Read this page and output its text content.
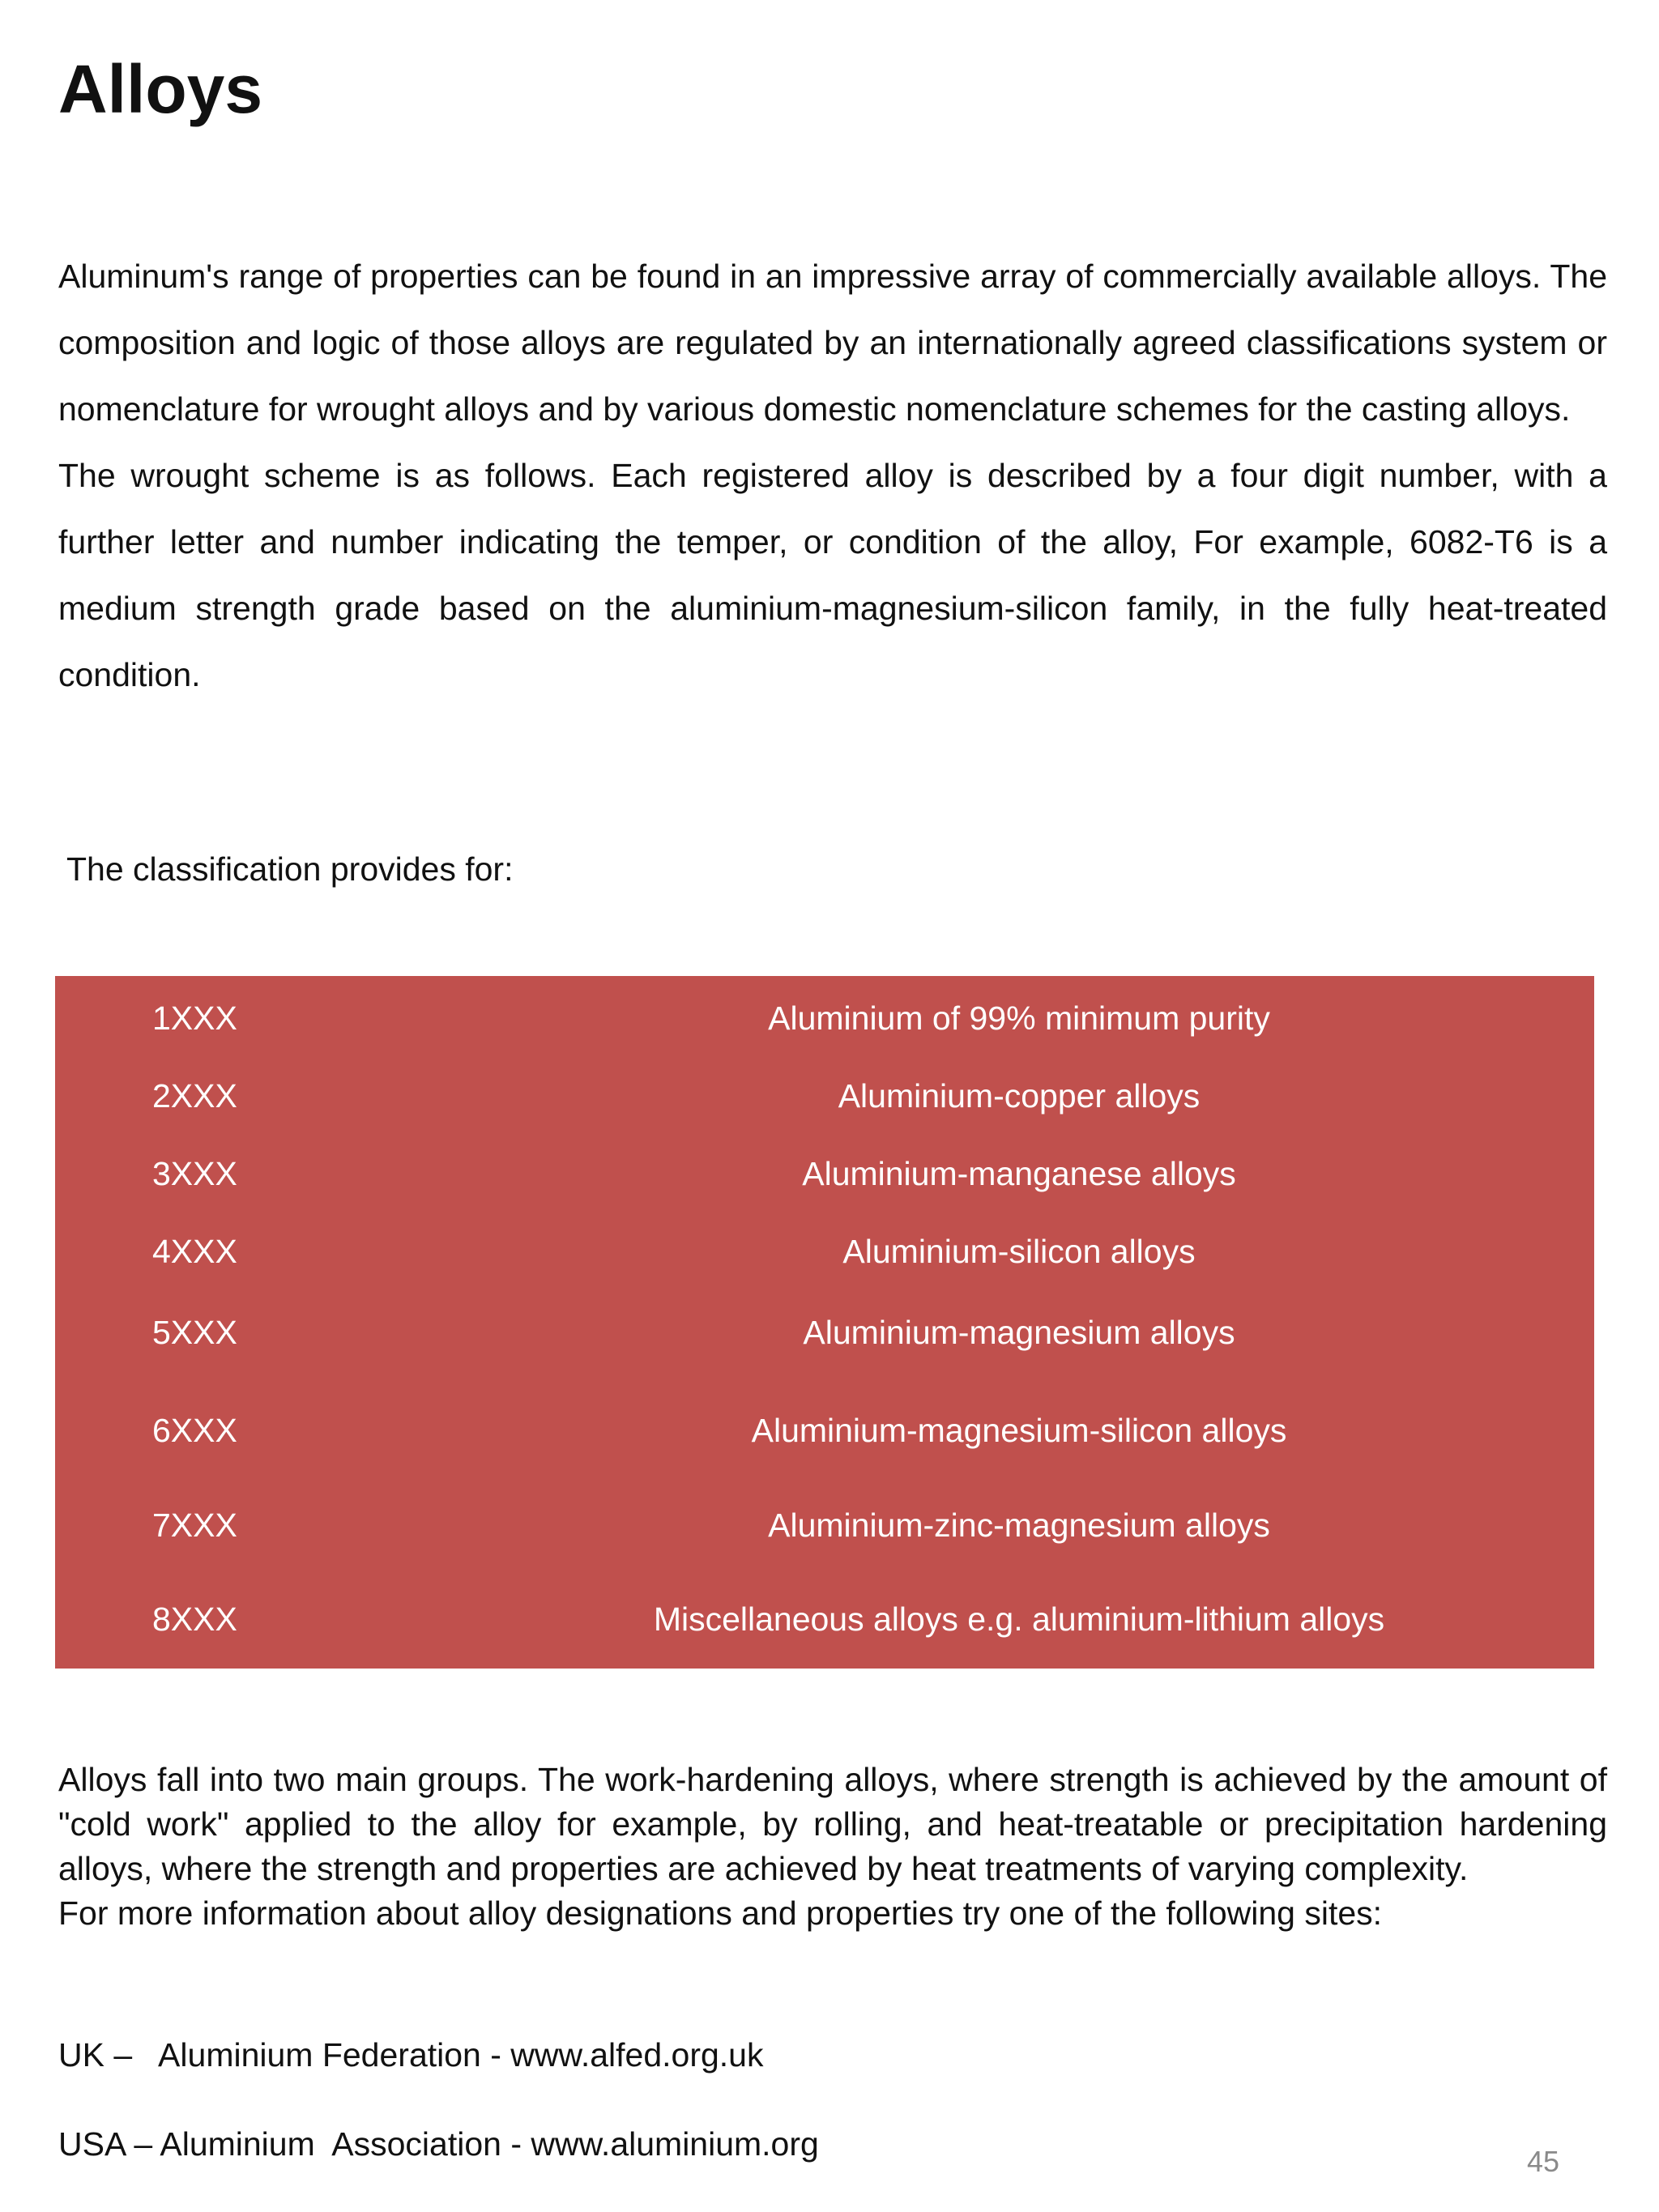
Alloys

Aluminum's range of properties can be found in an impressive array of commercially available alloys. The composition and logic of those alloys are regulated by an internationally agreed classifications system or nomenclature for wrought alloys and by various domestic nomenclature schemes for the casting alloys.

The wrought scheme is as follows. Each registered alloy is described by a four digit number, with a further letter and number indicating the temper, or condition of the alloy, For example, 6082-T6 is a medium strength grade based on the aluminium-magnesium-silicon family, in the fully heat-treated condition.

The classification provides for:
1XXX	Aluminium of 99% minimum purity
2XXX	Aluminium-copper alloys
3XXX	Aluminium-manganese alloys
4XXX	Aluminium-silicon alloys
5XXX	Aluminium-magnesium alloys
6XXX	Aluminium-magnesium-silicon alloys
7XXX	Aluminium-zinc-magnesium alloys
8XXX	Miscellaneous alloys e.g. aluminium-lithium alloys

Alloys fall into two main groups. The work-hardening alloys, where strength is achieved by the amount of "cold work" applied to the alloy for example, by rolling, and heat-treatable or precipitation hardening alloys, where the strength and properties are achieved by heat treatments of varying complexity.

For more information about alloy designations and properties try one of the following sites:

UK –   Aluminium Federation - www.alfed.org.uk
USA – Aluminium  Association - www.aluminium.org	45
